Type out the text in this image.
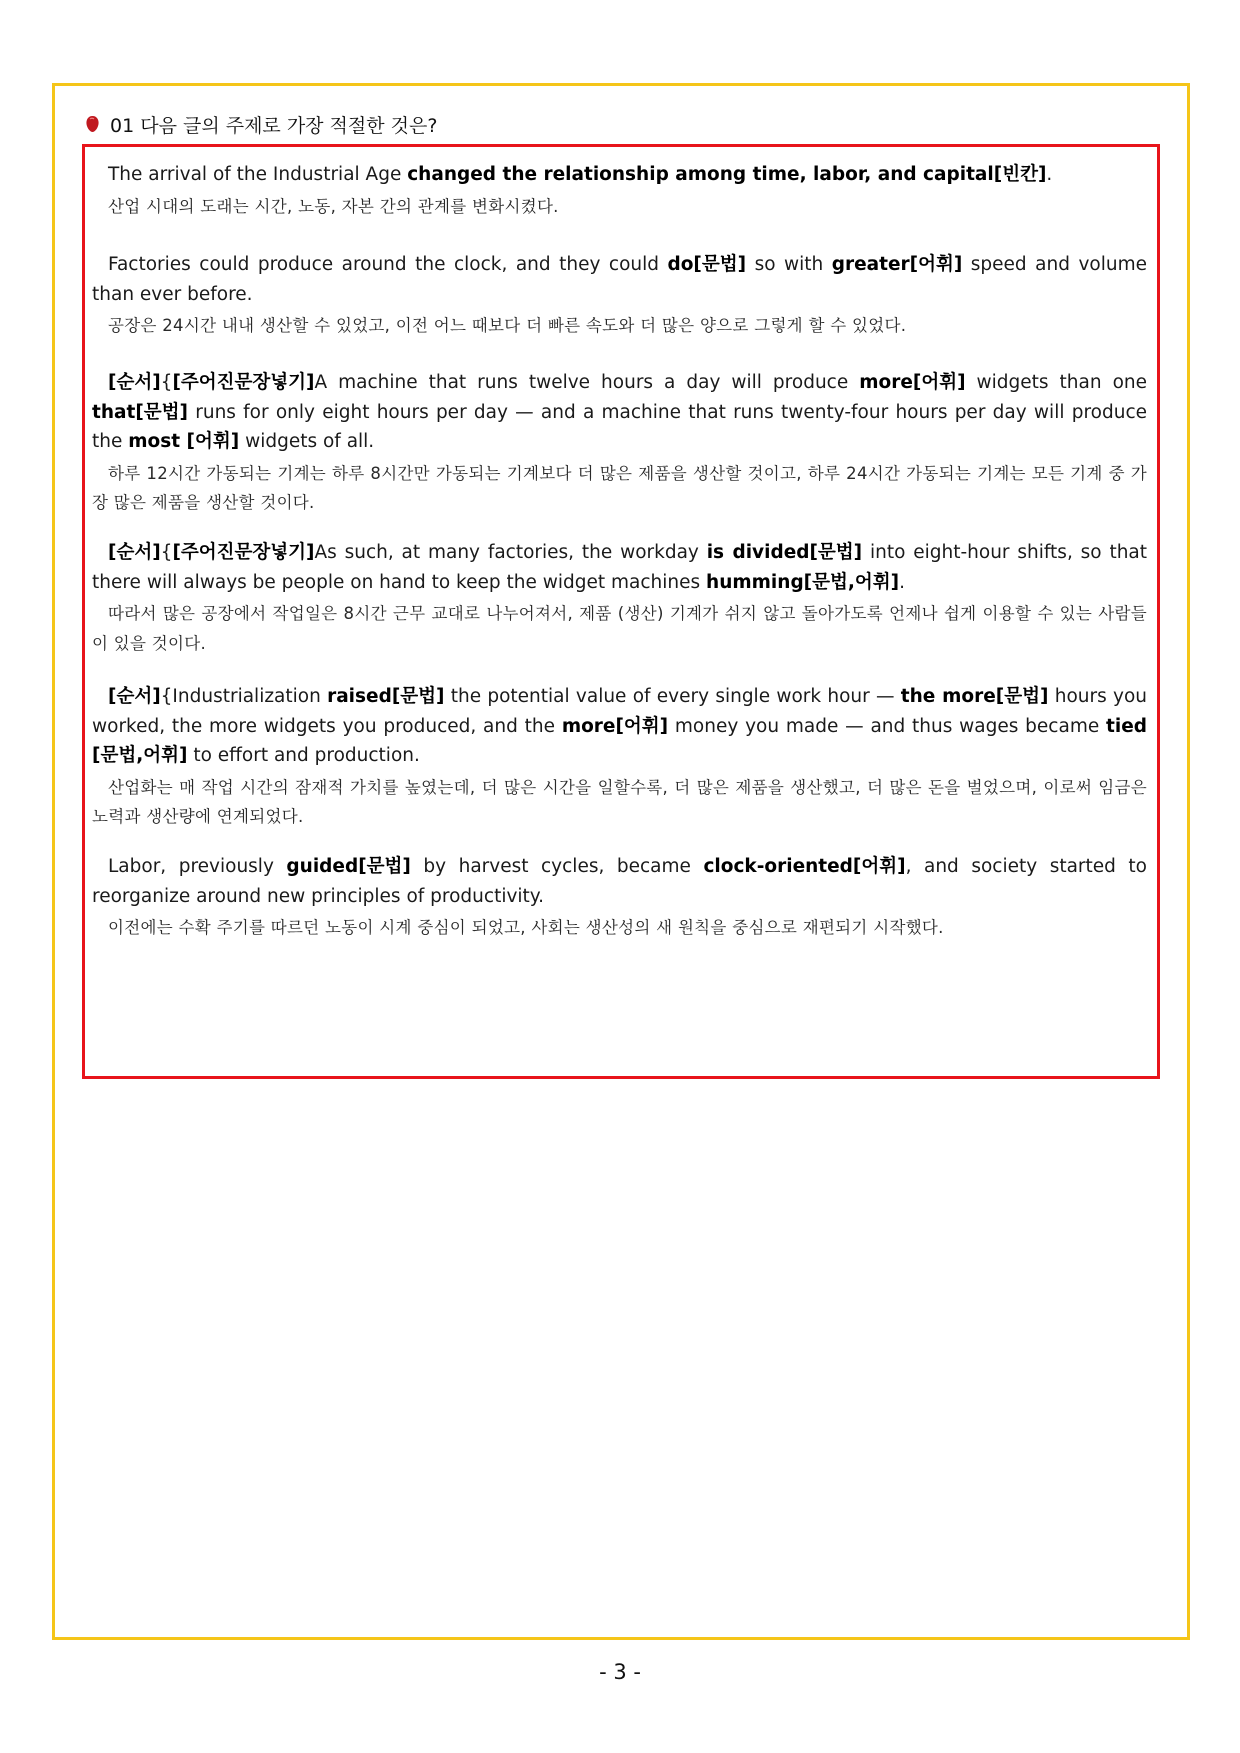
01 다음 글의 주제로 가장 적절한 것은?

The arrival of the Industrial Age changed the relationship among time, labor, and capital[빈칸].

산업 시대의 도래는 시간, 노동, 자본 간의 관계를 변화시켰다.

Factories could produce around the clock, and they could do[문법] so with greater[어휘] speed and volume than ever before.

공장은 24시간 내내 생산할 수 있었고, 이전 어느 때보다 더 빠른 속도와 더 많은 양으로 그렇게 할 수 있었다.

[순서]{[주어진문장넣기]A machine that runs twelve hours a day will produce more[어휘] widgets than one that[문법] runs for only eight hours per day — and a machine that runs twenty-four hours per day will produce the most [어휘] widgets of all.

하루 12시간 가동되는 기계는 하루 8시간만 가동되는 기계보다 더 많은 제품을 생산할 것이고, 하루 24시간 가동되는 기계는 모든 기계 중 가장 많은 제품을 생산할 것이다.

[순서]{[주어진문장넣기]As such, at many factories, the workday is divided[문법] into eight-hour shifts, so that there will always be people on hand to keep the widget machines humming[문법,어휘].

따라서 많은 공장에서 작업일은 8시간 근무 교대로 나누어져서, 제품 (생산) 기계가 쉬지 않고 돌아가도록 언제나 쉽게 이용할 수 있는 사람들이 있을 것이다.

[순서]{Industrialization raised[문법] the potential value of every single work hour — the more[문법] hours you worked, the more widgets you produced, and the more[어휘] money you made — and thus wages became tied [문법,어휘] to effort and production.

산업화는 매 작업 시간의 잠재적 가치를 높였는데, 더 많은 시간을 일할수록, 더 많은 제품을 생산했고, 더 많은 돈을 벌었으며, 이로써 임금은 노력과 생산량에 연계되었다.

Labor, previously guided[문법] by harvest cycles, became clock-oriented[어휘], and society started to reorganize around new principles of productivity.

이전에는 수확 주기를 따르던 노동이 시계 중심이 되었고, 사회는 생산성의 새 원칙을 중심으로 재편되기 시작했다.

- 3 -
